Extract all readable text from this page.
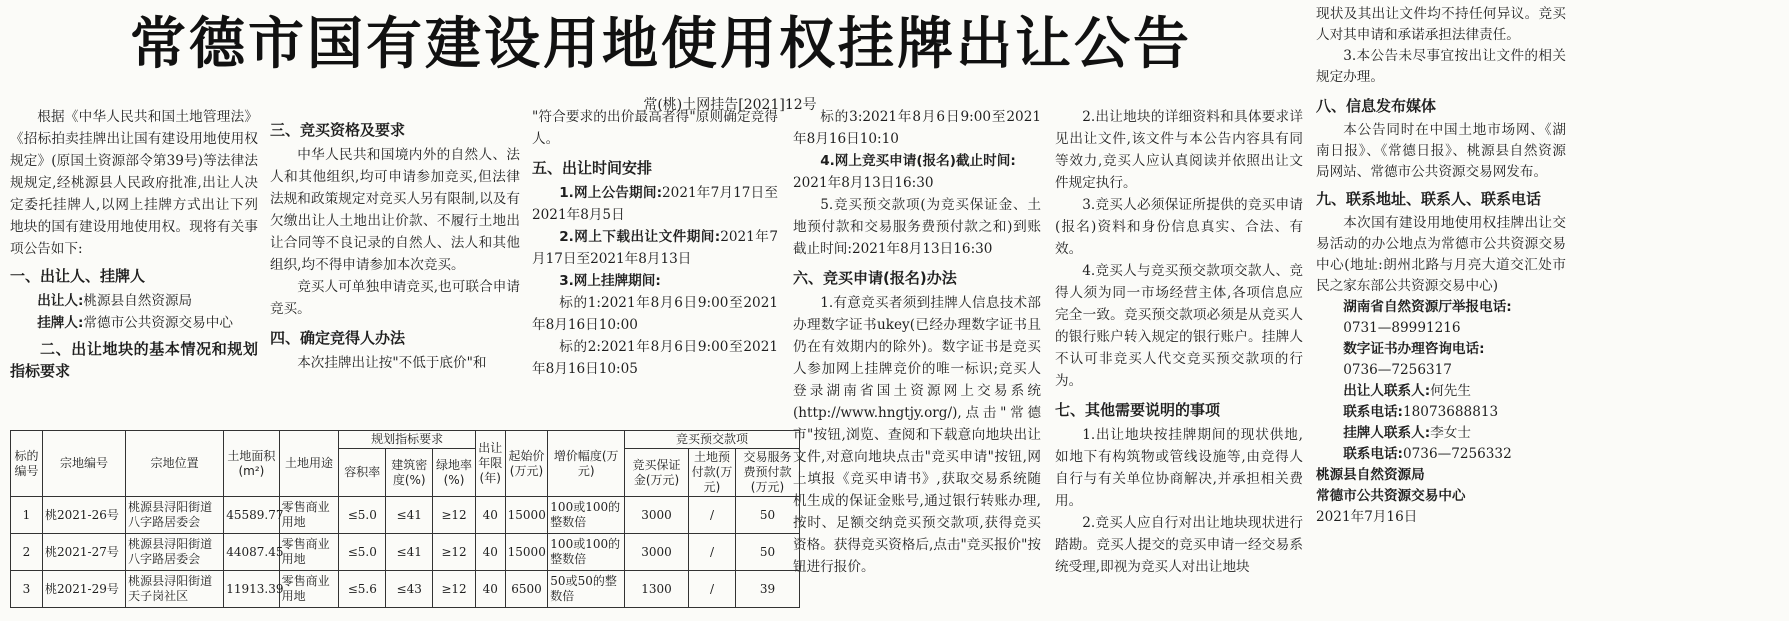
常德市国有建设用地使用权挂牌出让公告
常(桃)土网挂告[2021]12号

根据《中华人民共和国土地管理法》《招标拍卖挂牌出让国有建设用地使用权规定》(原国土资源部令第39号)等法律法规规定,经桃源县人民政府批准,出让人决定委托挂牌人,以网上挂牌方式出让下列地块的国有建设用地使用权。现将有关事项公告如下:

一、出让人、挂牌人

出让人:桃源县自然资源局

挂牌人:常德市公共资源交易中心

二、出让地块的基本情况和规划指标要求

三、竞买资格及要求

中华人民共和国境内外的自然人、法人和其他组织,均可申请参加竞买,但法律法规和政策规定对竞买人另有限制,以及有欠缴出让人土地出让价款、不履行土地出让合同等不良记录的自然人、法人和其他组织,均不得申请参加本次竞买。

竞买人可单独申请竞买,也可联合申请竞买。

四、确定竞得人办法

本次挂牌出让按"不低于底价"和

"符合要求的出价最高者得"原则确定竞得人。

五、出让时间安排

1.网上公告期间:2021年7月17日至2021年8月5日

2.网上下载出让文件期间:2021年7月17日至2021年8月13日

3.网上挂牌期间:

标的1:2021年8月6日9:00至2021年8月16日10:00

标的2:2021年8月6日9:00至2021年8月16日10:05

标的3:2021年8月6日9:00至2021年8月16日10:10

4.网上竞买申请(报名)截止时间:

2021年8月13日16:30

5.竞买预交款项(为竞买保证金、土地预付款和交易服务费预付款之和)到账截止时间:2021年8月13日16:30

六、竞买申请(报名)办法

1.有意竞买者须到挂牌人信息技术部办理数字证书ukey(已经办理数字证书且仍在有效期内的除外)。数字证书是竞买人参加网上挂牌竞价的唯一标识;竞买人登录湖南省国土资源网上交易系统(http://www.hngtjy.org/),点击"常德市"按钮,浏览、查阅和下载意向地块出让文件,对意向地块点击"竞买申请"按钮,网上填报《竞买申请书》,获取交易系统随机生成的保证金账号,通过银行转账办理,按时、足额交纳竞买预交款项,获得竞买资格。获得竞买资格后,点击"竞买报价"按钮进行报价。

2.出让地块的详细资料和具体要求详见出让文件,该文件与本公告内容具有同等效力,竞买人应认真阅读并依照出让文件规定执行。

3.竞买人必须保证所提供的竞买申请(报名)资料和身份信息真实、合法、有效。

4.竞买人与竞买预交款项交款人、竞得人须为同一市场经营主体,各项信息应完全一致。竞买预交款项必须是从竞买人的银行账户转入规定的银行账户。挂牌人不认可非竞买人代交竞买预交款项的行为。

七、其他需要说明的事项

1.出让地块按挂牌期间的现状供地,如地下有构筑物或管线设施等,由竞得人自行与有关单位协商解决,并承担相关费用。

2.竞买人应自行对出让地块现状进行踏勘。竞买人提交的竞买申请一经交易系统受理,即视为竞买人对出让地块

现状及其出让文件均不持任何异议。竞买人对其申请和承诺承担法律责任。

3.本公告未尽事宜按出让文件的相关规定办理。

八、信息发布媒体

本公告同时在中国土地市场网、《湖南日报》、《常德日报》、桃源县自然资源局网站、常德市公共资源交易网发布。

九、联系地址、联系人、联系电话

本次国有建设用地使用权挂牌出让交易活动的办公地点为常德市公共资源交易中心(地址:朗州北路与月亮大道交汇处市民之家东部公共资源交易中心)

湖南省自然资源厅举报电话:

0731—89991216

数字证书办理咨询电话:

0736—7256317

出让人联系人:何先生

联系电话:18073688813

挂牌人联系人:李女士

联系电话:0736—7256332

桃源县自然资源局

常德市公共资源交易中心

2021年7月16日

标的编号	宗地编号	宗地位置	土地面积(m²)	土地用途	规划指标要求			出让年限(年)	起始价(万元)	增价幅度(万元)	竞买预交款项		
					容积率	建筑密度(%)	绿地率(%)				竞买保证金(万元)	土地预付款(万元)	交易服务费预付款(万元)
1	桃2021-26号	桃源县浔阳街道八字路居委会	45589.77	零售商业用地	≤5.0	≤41	≥12	40	15000	100或100的整数倍	3000	/	50
2	桃2021-27号	桃源县浔阳街道八字路居委会	44087.45	零售商业用地	≤5.0	≤41	≥12	40	15000	100或100的整数倍	3000	/	50
3	桃2021-29号	桃源县浔阳街道天子岗社区	11913.39	零售商业用地	≤5.6	≤43	≥12	40	6500	50或50的整数倍	1300	/	39
